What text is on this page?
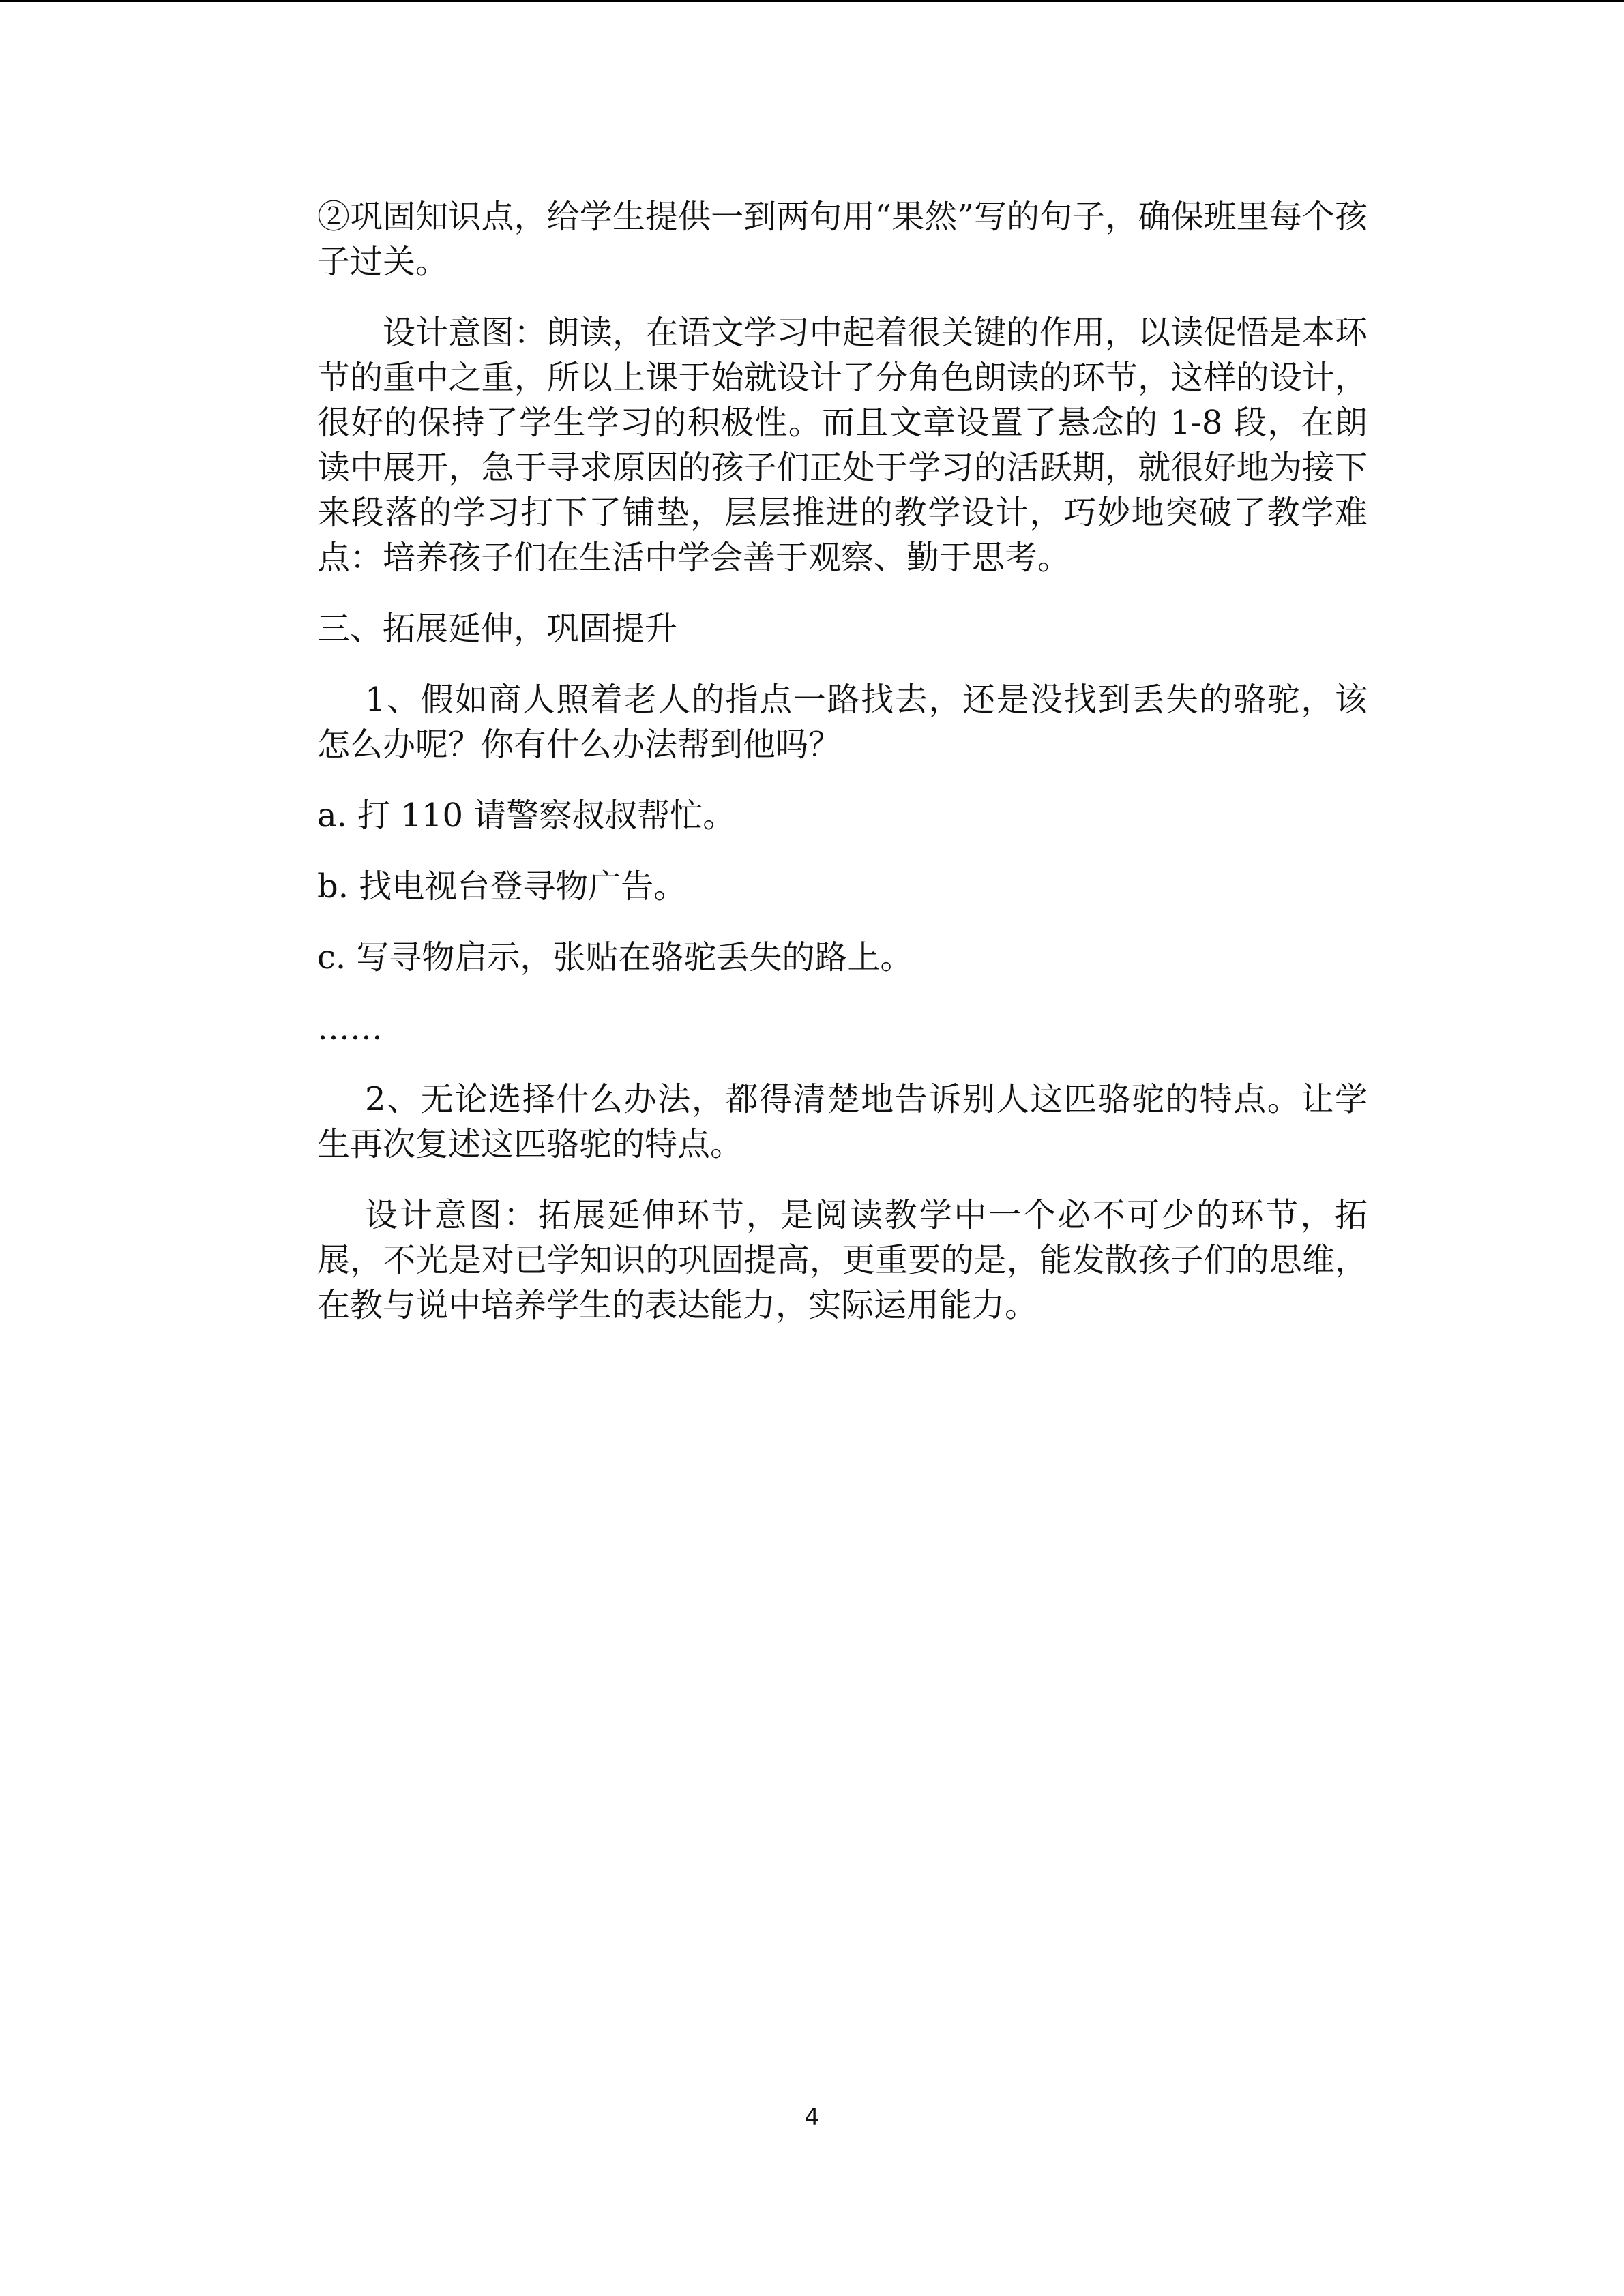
②巩固知识点，给学生提供一到两句用“果然”写的句子，确保班里每个孩子过关。

设计意图：朗读，在语文学习中起着很关键的作用，以读促悟是本环节的重中之重，所以上课于始就设计了分角色朗读的环节，这样的设计，很好的保持了学生学习的积极性。而且文章设置了悬念的 1-8 段，在朗读中展开，急于寻求原因的孩子们正处于学习的活跃期，就很好地为接下来段落的学习打下了铺垫，层层推进的教学设计，巧妙地突破了教学难点：培养孩子们在生活中学会善于观察、勤于思考。

三、拓展延伸，巩固提升

1、假如商人照着老人的指点一路找去，还是没找到丢失的骆驼，该怎么办呢？你有什么办法帮到他吗？

a. 打 110 请警察叔叔帮忙。

b. 找电视台登寻物广告。

c. 写寻物启示，张贴在骆驼丢失的路上。

……

2、无论选择什么办法，都得清楚地告诉别人这匹骆驼的特点。让学生再次复述这匹骆驼的特点。

设计意图：拓展延伸环节，是阅读教学中一个必不可少的环节，拓展，不光是对已学知识的巩固提高，更重要的是，能发散孩子们的思维，在教与说中培养学生的表达能力，实际运用能力。

4
